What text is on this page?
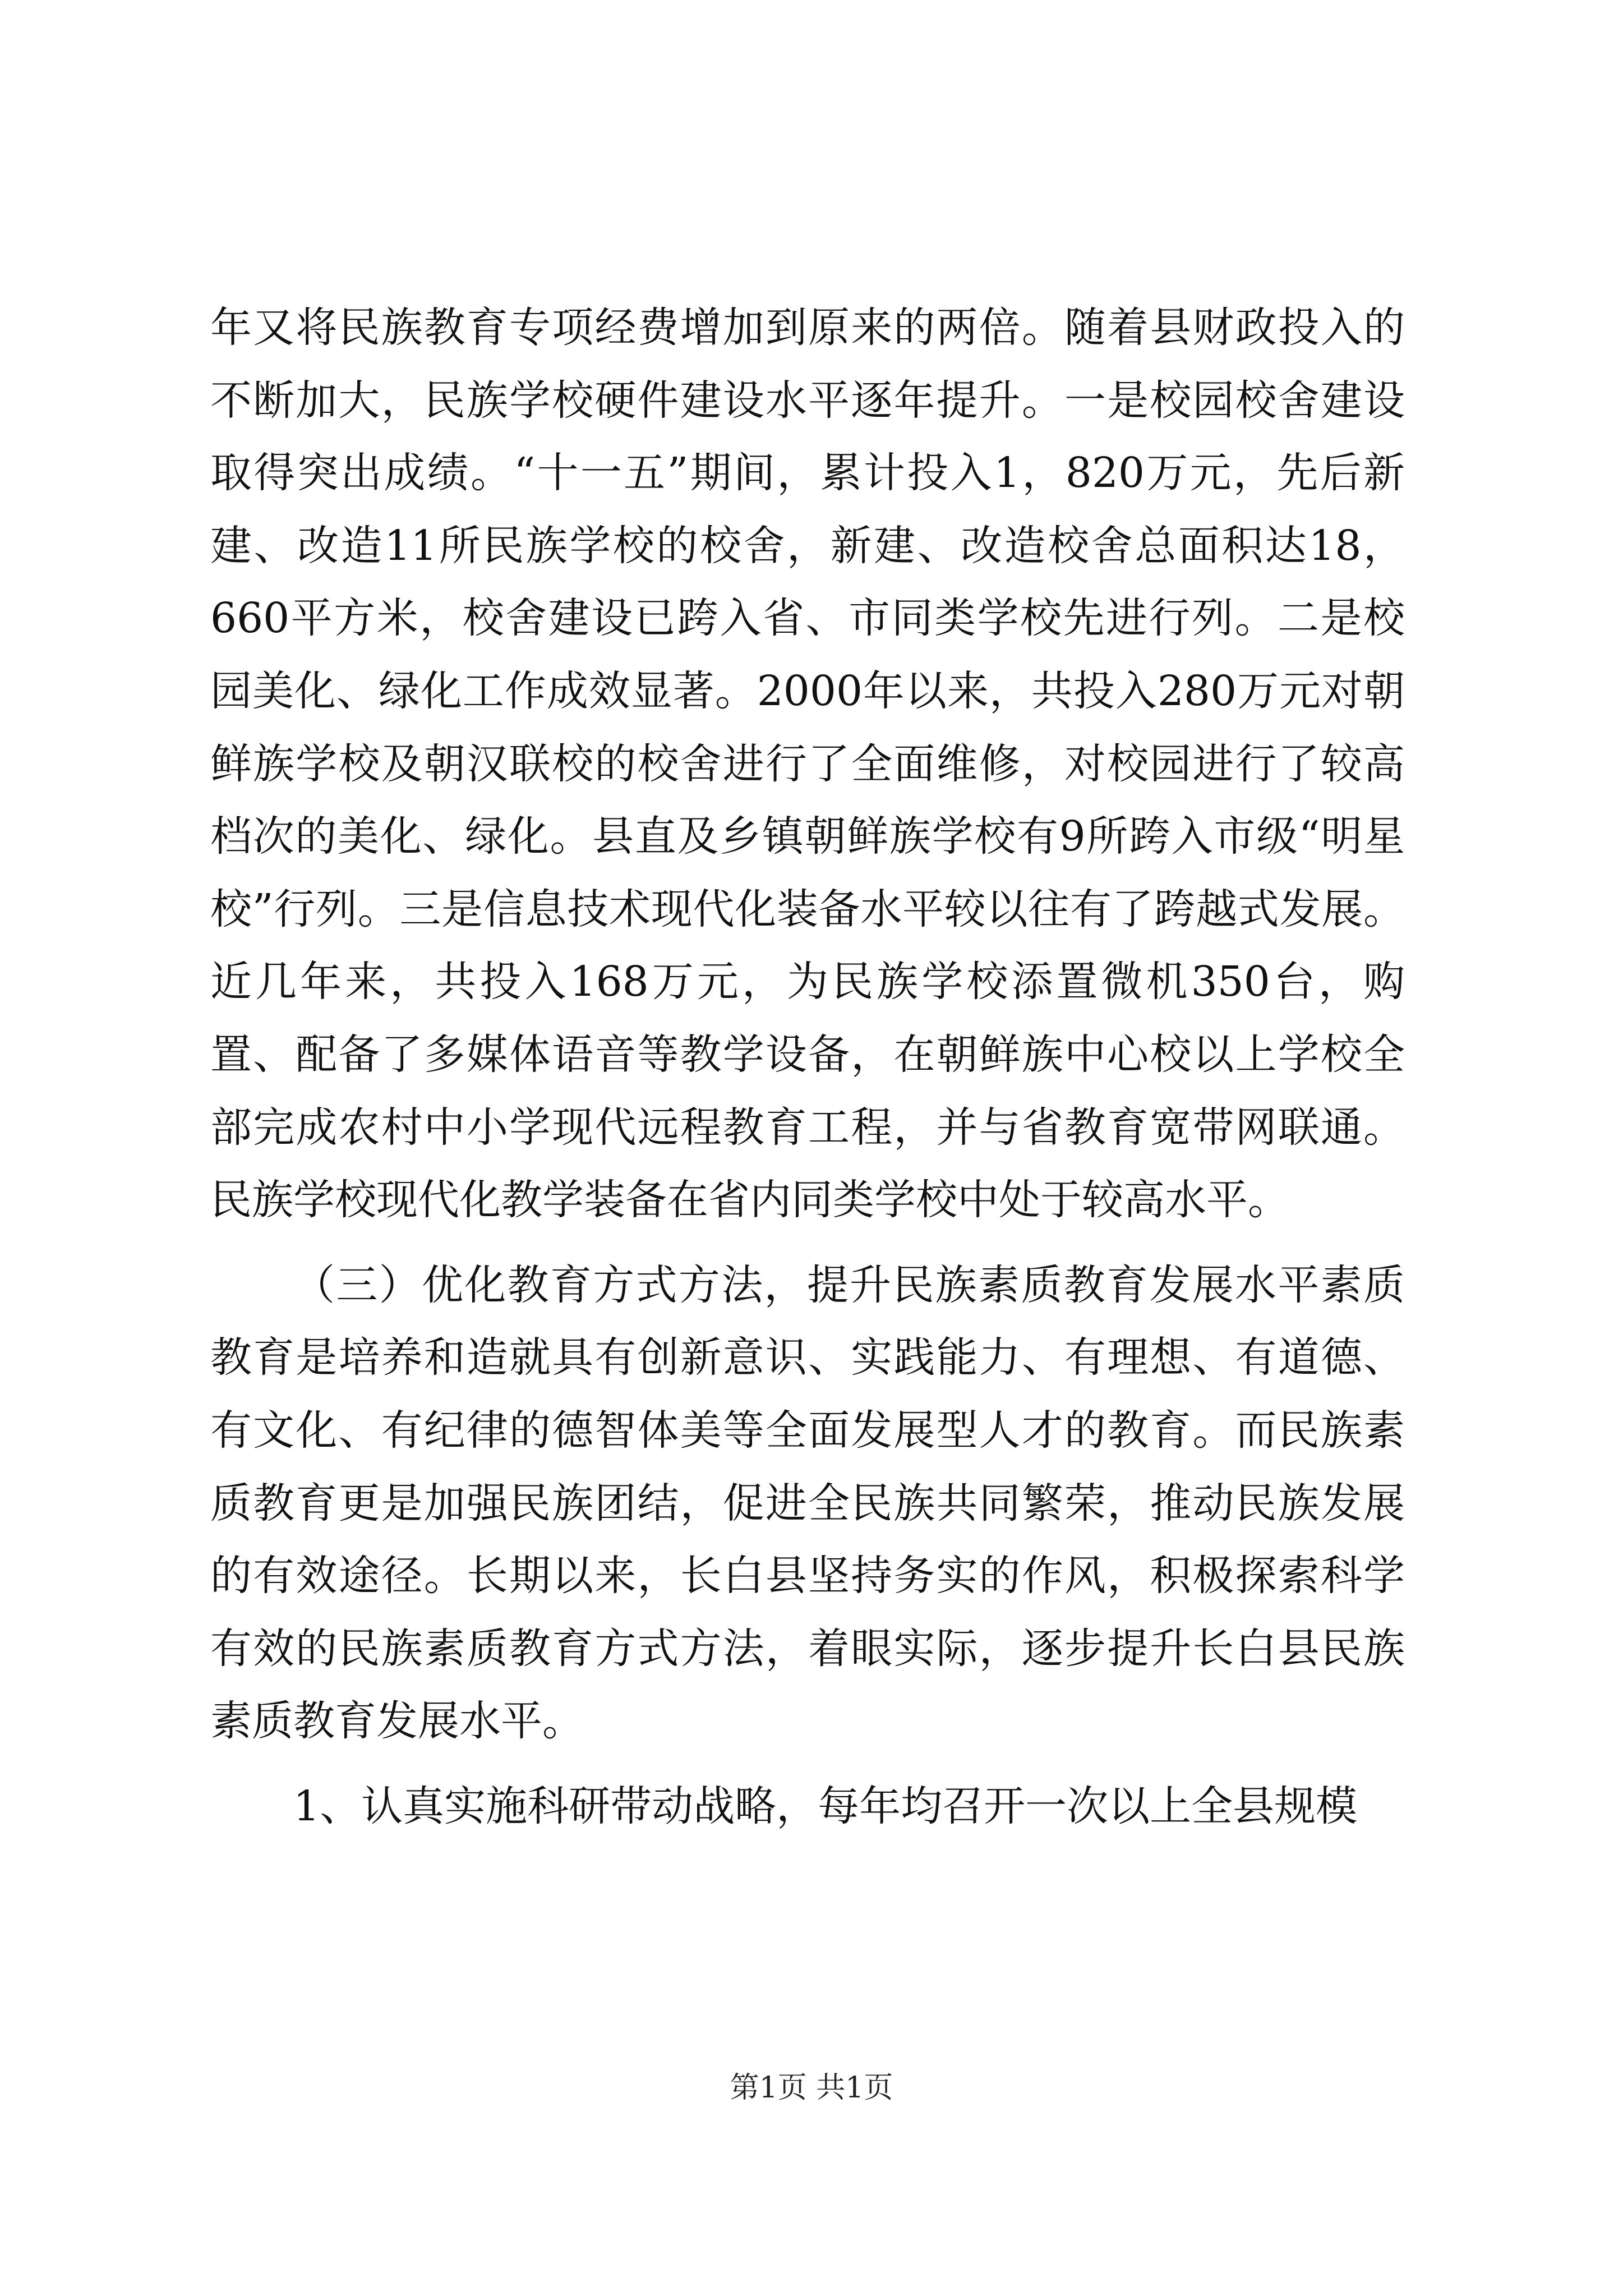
年又将民族教育专项经费增加到原来的两倍。随着县财政投入的不断加大，民族学校硬件建设水平逐年提升。一是校园校舍建设取得突出成绩。“十一五”期间，累计投入1，820万元，先后新建、改造11所民族学校的校舍，新建、改造校舍总面积达18，660平方米，校舍建设已跨入省、市同类学校先进行列。二是校园美化、绿化工作成效显著。2000年以来，共投入280万元对朝鲜族学校及朝汉联校的校舍进行了全面维修，对校园进行了较高档次的美化、绿化。县直及乡镇朝鲜族学校有9所跨入市级“明星校”行列。三是信息技术现代化装备水平较以往有了跨越式发展。近几年来，共投入168万元，为民族学校添置微机350台，购置、配备了多媒体语音等教学设备，在朝鲜族中心校以上学校全部完成农村中小学现代远程教育工程，并与省教育宽带网联通。民族学校现代化教学装备在省内同类学校中处于较高水平。

（三）优化教育方式方法，提升民族素质教育发展水平素质教育是培养和造就具有创新意识、实践能力、有理想、有道德、有文化、有纪律的德智体美等全面发展型人才的教育。而民族素质教育更是加强民族团结，促进全民族共同繁荣，推动民族发展的有效途径。长期以来，长白县坚持务实的作风，积极探索科学有效的民族素质教育方式方法，着眼实际，逐步提升长白县民族素质教育发展水平。

1、认真实施科研带动战略，每年均召开一次以上全县规模

第1页 共1页
